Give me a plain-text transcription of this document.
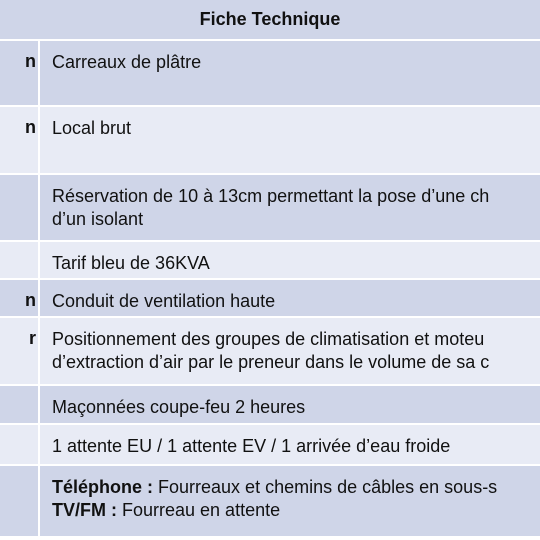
Fiche Technique
n Carreaux de plâtre
n Local brut
Réservation de 10 à 13cm permettant la pose d’une ch
d’un isolant
Tarif bleu de 36KVA
n Conduit de ventilation haute
r Positionnement des groupes de climatisation et moteu
d’extraction d’air par le preneur dans le volume de sa c
Maçonnées coupe-feu 2 heures
1 attente EU / 1 attente EV / 1 arrivée d’eau froide
Téléphone : Fourreaux et chemins de câbles en sous-s
TV/FM : Fourreau en attente
